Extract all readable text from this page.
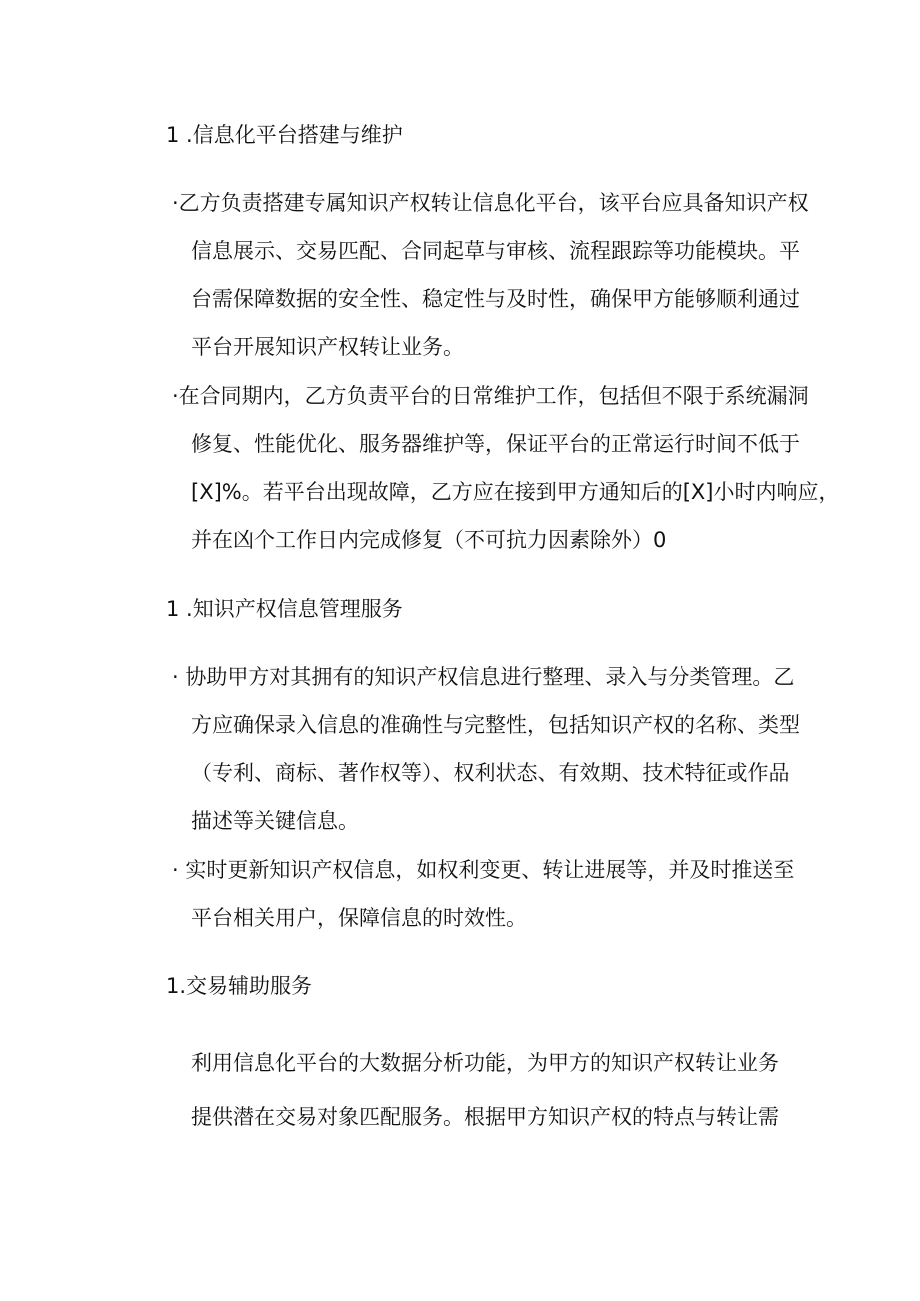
1 .信息化平台搭建与维护
·乙方负责搭建专属知识产权转让信息化平台，该平台应具备知识产权
信息展示、交易匹配、合同起草与审核、流程跟踪等功能模块。平
台需保障数据的安全性、稳定性与及时性，确保甲方能够顺利通过
平台开展知识产权转让业务。
·在合同期内，乙方负责平台的日常维护工作，包括但不限于系统漏洞
修复、性能优化、服务器维护等，保证平台的正常运行时间不低于
[X]%。若平台出现故障，乙方应在接到甲方通知后的[X]小时内响应，
并在凶个工作日内完成修复（不可抗力因素除外）0
1 .知识产权信息管理服务
· 协助甲方对其拥有的知识产权信息进行整理、录入与分类管理。乙
方应确保录入信息的准确性与完整性，包括知识产权的名称、类型
（专利、商标、著作权等）、权利状态、有效期、技术特征或作品
描述等关键信息。
· 实时更新知识产权信息，如权利变更、转让进展等，并及时推送至
平台相关用户，保障信息的时效性。
1.交易辅助服务
利用信息化平台的大数据分析功能，为甲方的知识产权转让业务
提供潜在交易对象匹配服务。根据甲方知识产权的特点与转让需
